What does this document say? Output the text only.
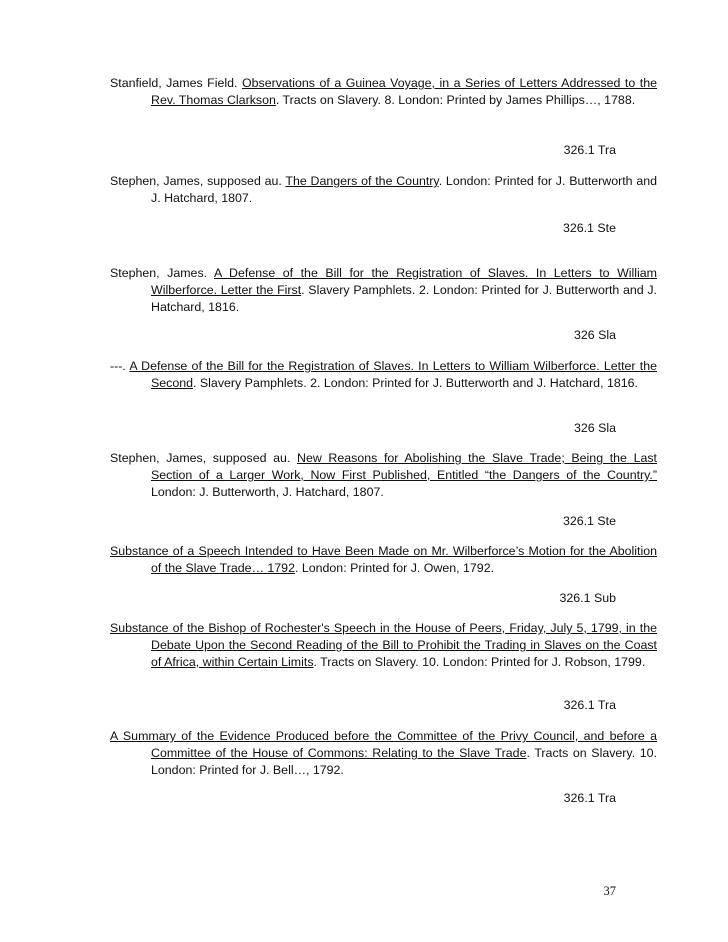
Stanfield, James Field. Observations of a Guinea Voyage, in a Series of Letters Addressed to the Rev. Thomas Clarkson. Tracts on Slavery. 8. London: Printed by James Phillips…, 1788.
326.1 Tra
Stephen, James, supposed au. The Dangers of the Country. London: Printed for J. Butterworth and J. Hatchard, 1807.
326.1 Ste
Stephen, James. A Defense of the Bill for the Registration of Slaves. In Letters to William Wilberforce. Letter the First. Slavery Pamphlets. 2. London: Printed for J. Butterworth and J. Hatchard, 1816.
326 Sla
---. A Defense of the Bill for the Registration of Slaves. In Letters to William Wilberforce. Letter the Second. Slavery Pamphlets. 2. London: Printed for J. Butterworth and J. Hatchard, 1816.
326 Sla
Stephen, James, supposed au. New Reasons for Abolishing the Slave Trade; Being the Last Section of a Larger Work, Now First Published, Entitled “the Dangers of the Country.” London: J. Butterworth, J. Hatchard, 1807.
326.1 Ste
Substance of a Speech Intended to Have Been Made on Mr. Wilberforce’s Motion for the Abolition of the Slave Trade… 1792. London: Printed for J. Owen, 1792.
326.1 Sub
Substance of the Bishop of Rochester's Speech in the House of Peers, Friday, July 5, 1799, in the Debate Upon the Second Reading of the Bill to Prohibit the Trading in Slaves on the Coast of Africa, within Certain Limits. Tracts on Slavery. 10. London: Printed for J. Robson, 1799.
326.1 Tra
A Summary of the Evidence Produced before the Committee of the Privy Council, and before a Committee of the House of Commons: Relating to the Slave Trade. Tracts on Slavery. 10. London: Printed for J. Bell…, 1792.
326.1 Tra
37
